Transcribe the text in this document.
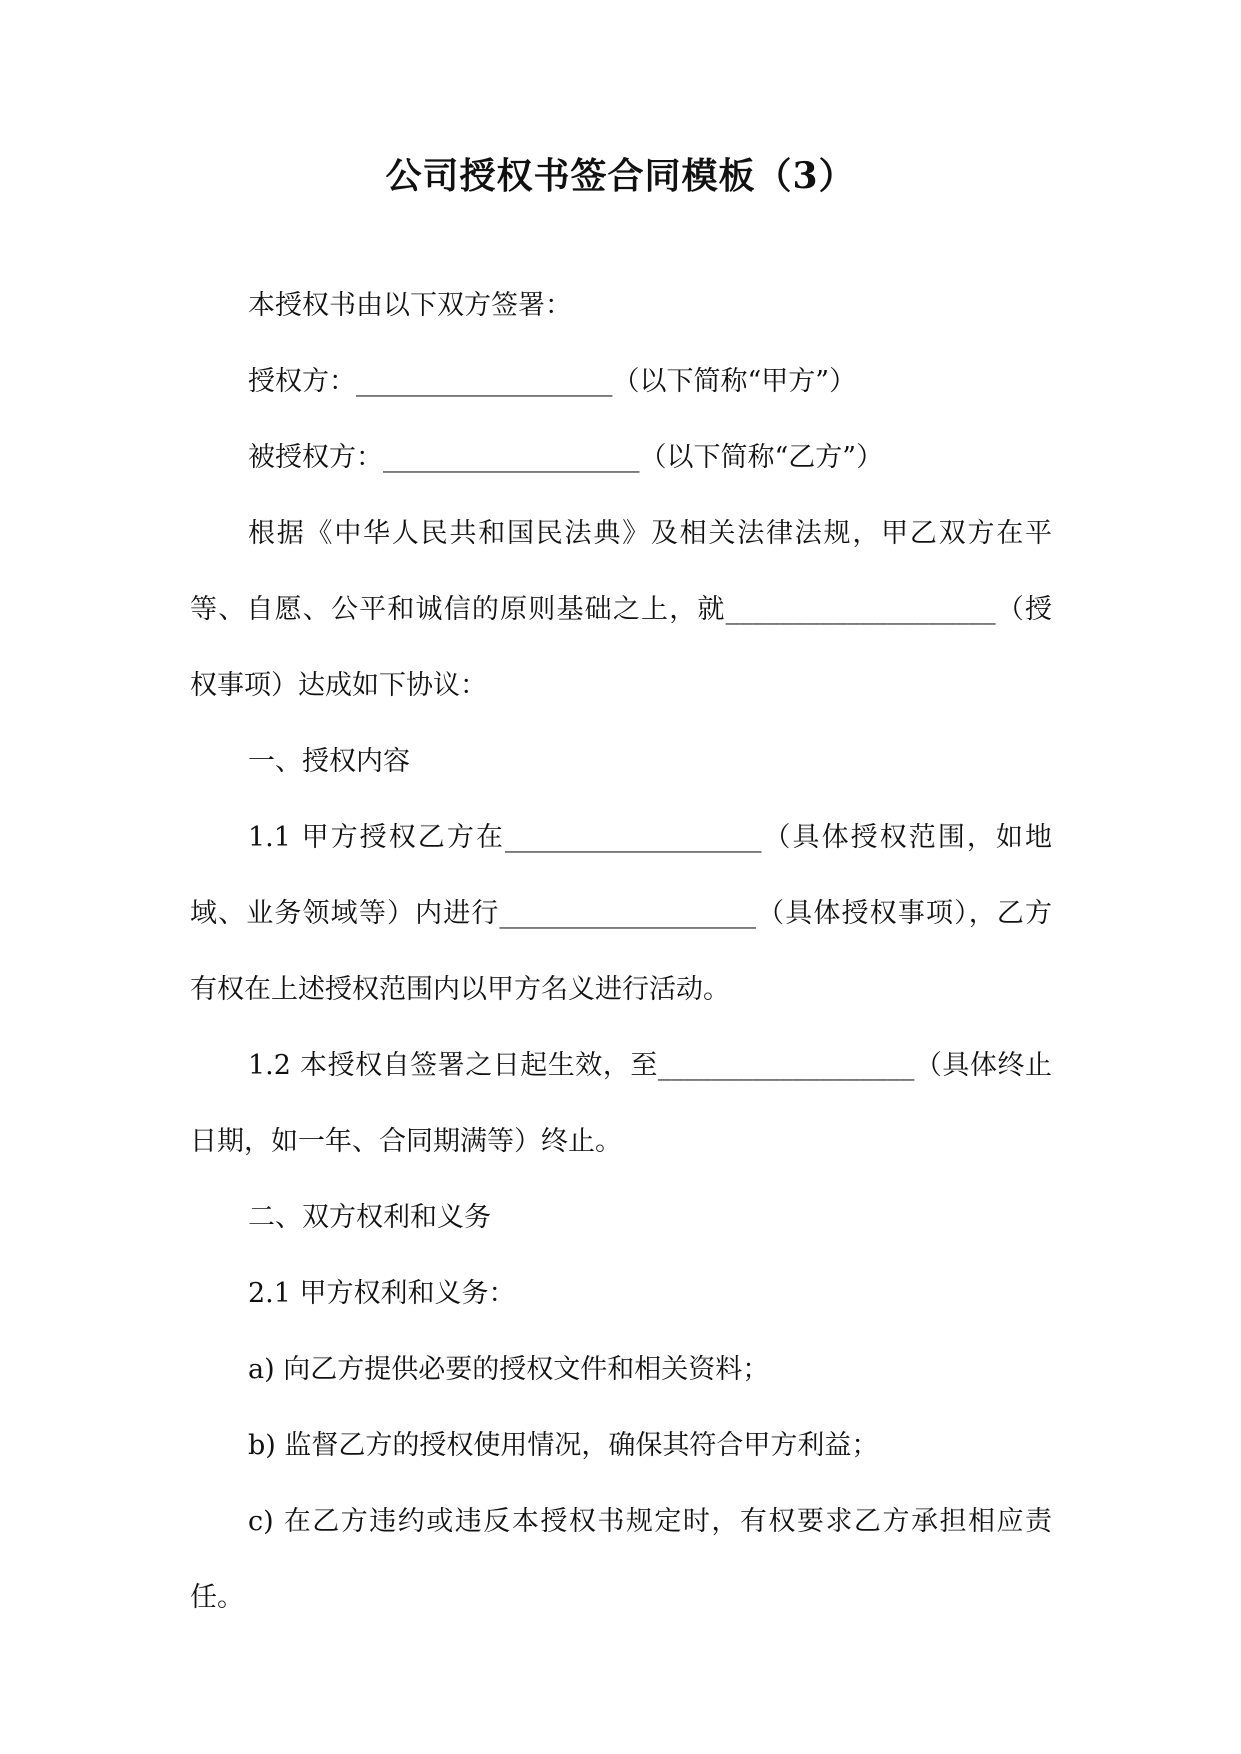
公司授权书签合同模板（3）

本授权书由以下双方签署：

授权方：___________________（以下简称“甲方”）

被授权方：___________________（以下简称“乙方”）

根据《中华人民共和国民法典》及相关法律法规，甲乙双方在平等、自愿、公平和诚信的原则基础之上，就____________________（授权事项）达成如下协议：

一、授权内容

1.1 甲方授权乙方在___________________（具体授权范围，如地域、业务领域等）内进行___________________（具体授权事项），乙方有权在上述授权范围内以甲方名义进行活动。

1.2 本授权自签署之日起生效，至___________________（具体终止日期，如一年、合同期满等）终止。

二、双方权利和义务

2.1 甲方权利和义务：

a) 向乙方提供必要的授权文件和相关资料；

b) 监督乙方的授权使用情况，确保其符合甲方利益；

c) 在乙方违约或违反本授权书规定时，有权要求乙方承担相应责任。
